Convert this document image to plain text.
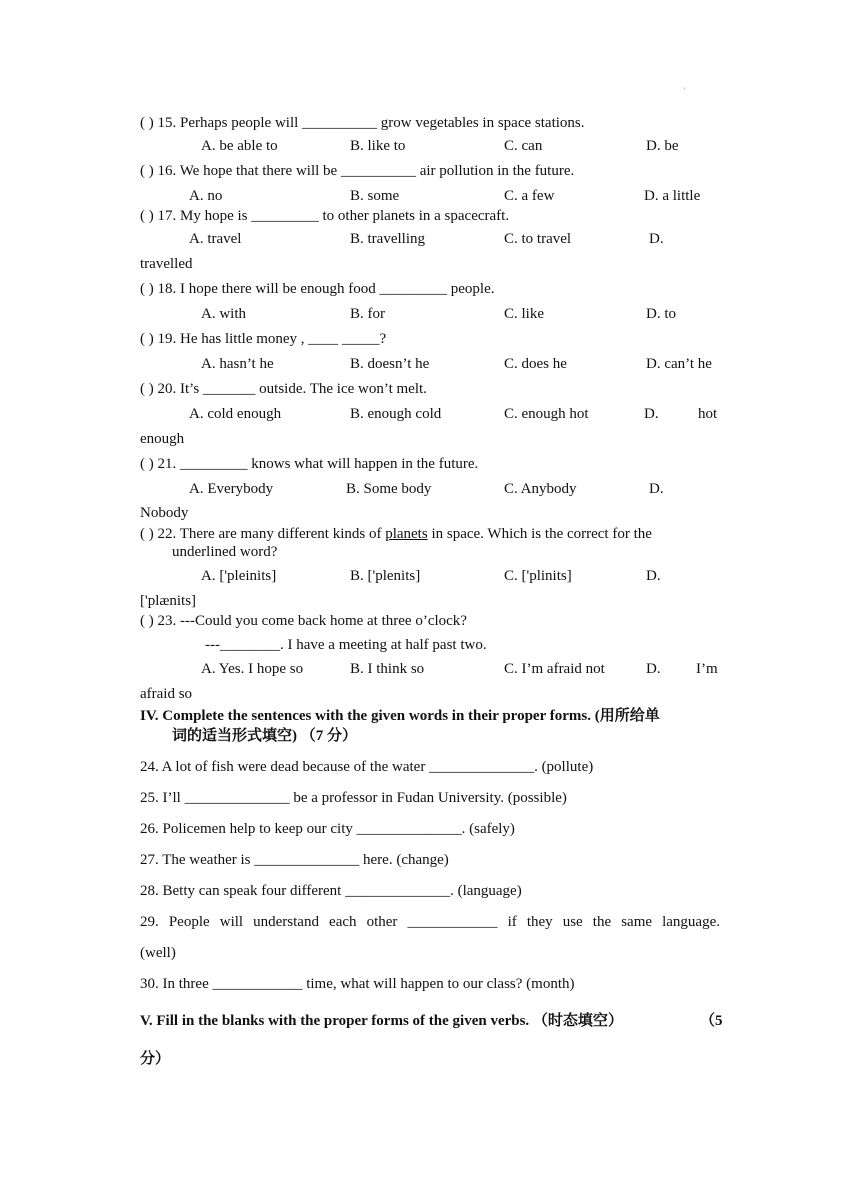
'
( ) 15. Perhaps people will __________ grow vegetables in space stations.
A. be able to	B. like to	C. can	D. be
( ) 16. We hope that there will be __________ air pollution in the future.
A. no	B. some	C. a few	D. a little
( ) 17. My hope is _________ to other planets in a spacecraft.
A. travel	B. travelling	C. to travel	D.
travelled
( ) 18. I hope there will be enough food _________ people.
A. with	B. for	C. like	D. to
( ) 19. He has little money , ____ _____?
A. hasn’t he	B. doesn’t he	C. does he	D. can’t he
( ) 20. It’s _______ outside. The ice won’t melt.
A. cold enough	B. enough cold	C. enough hot	D.	hot
enough
( ) 21. _________ knows what will happen in the future.
A. Everybody	B. Some body	C. Anybody	D.
Nobody
( ) 22. There are many different kinds of planets in space. Which is the correct for the
underlined word?
A. ['pleinits]	B. ['plenits]	C. ['plinits]	D.
['plænits]
( ) 23. ---Could you come back home at three o’clock?
---________. I have a meeting at half past two.
A. Yes. I hope so	B. I think so	C. I’m afraid not	D. I’m
afraid so
IV. Complete the sentences with the given words in their proper forms. (用所给单
词的适当形式填空) （7 分）
24. A lot of fish were dead because of the water ______________. (pollute)
25. I’ll ______________ be a professor in Fudan University. (possible)
26. Policemen help to keep our city ______________. (safely)
27. The weather is ______________ here. (change)
28. Betty can speak four different ______________. (language)
29. People will understand each other ____________ if they use the same language.
(well)
30. In three ____________ time, what will happen to our class? (month)
V. Fill in the blanks with the proper forms of the given verbs. （时态填空）	（5
分）
